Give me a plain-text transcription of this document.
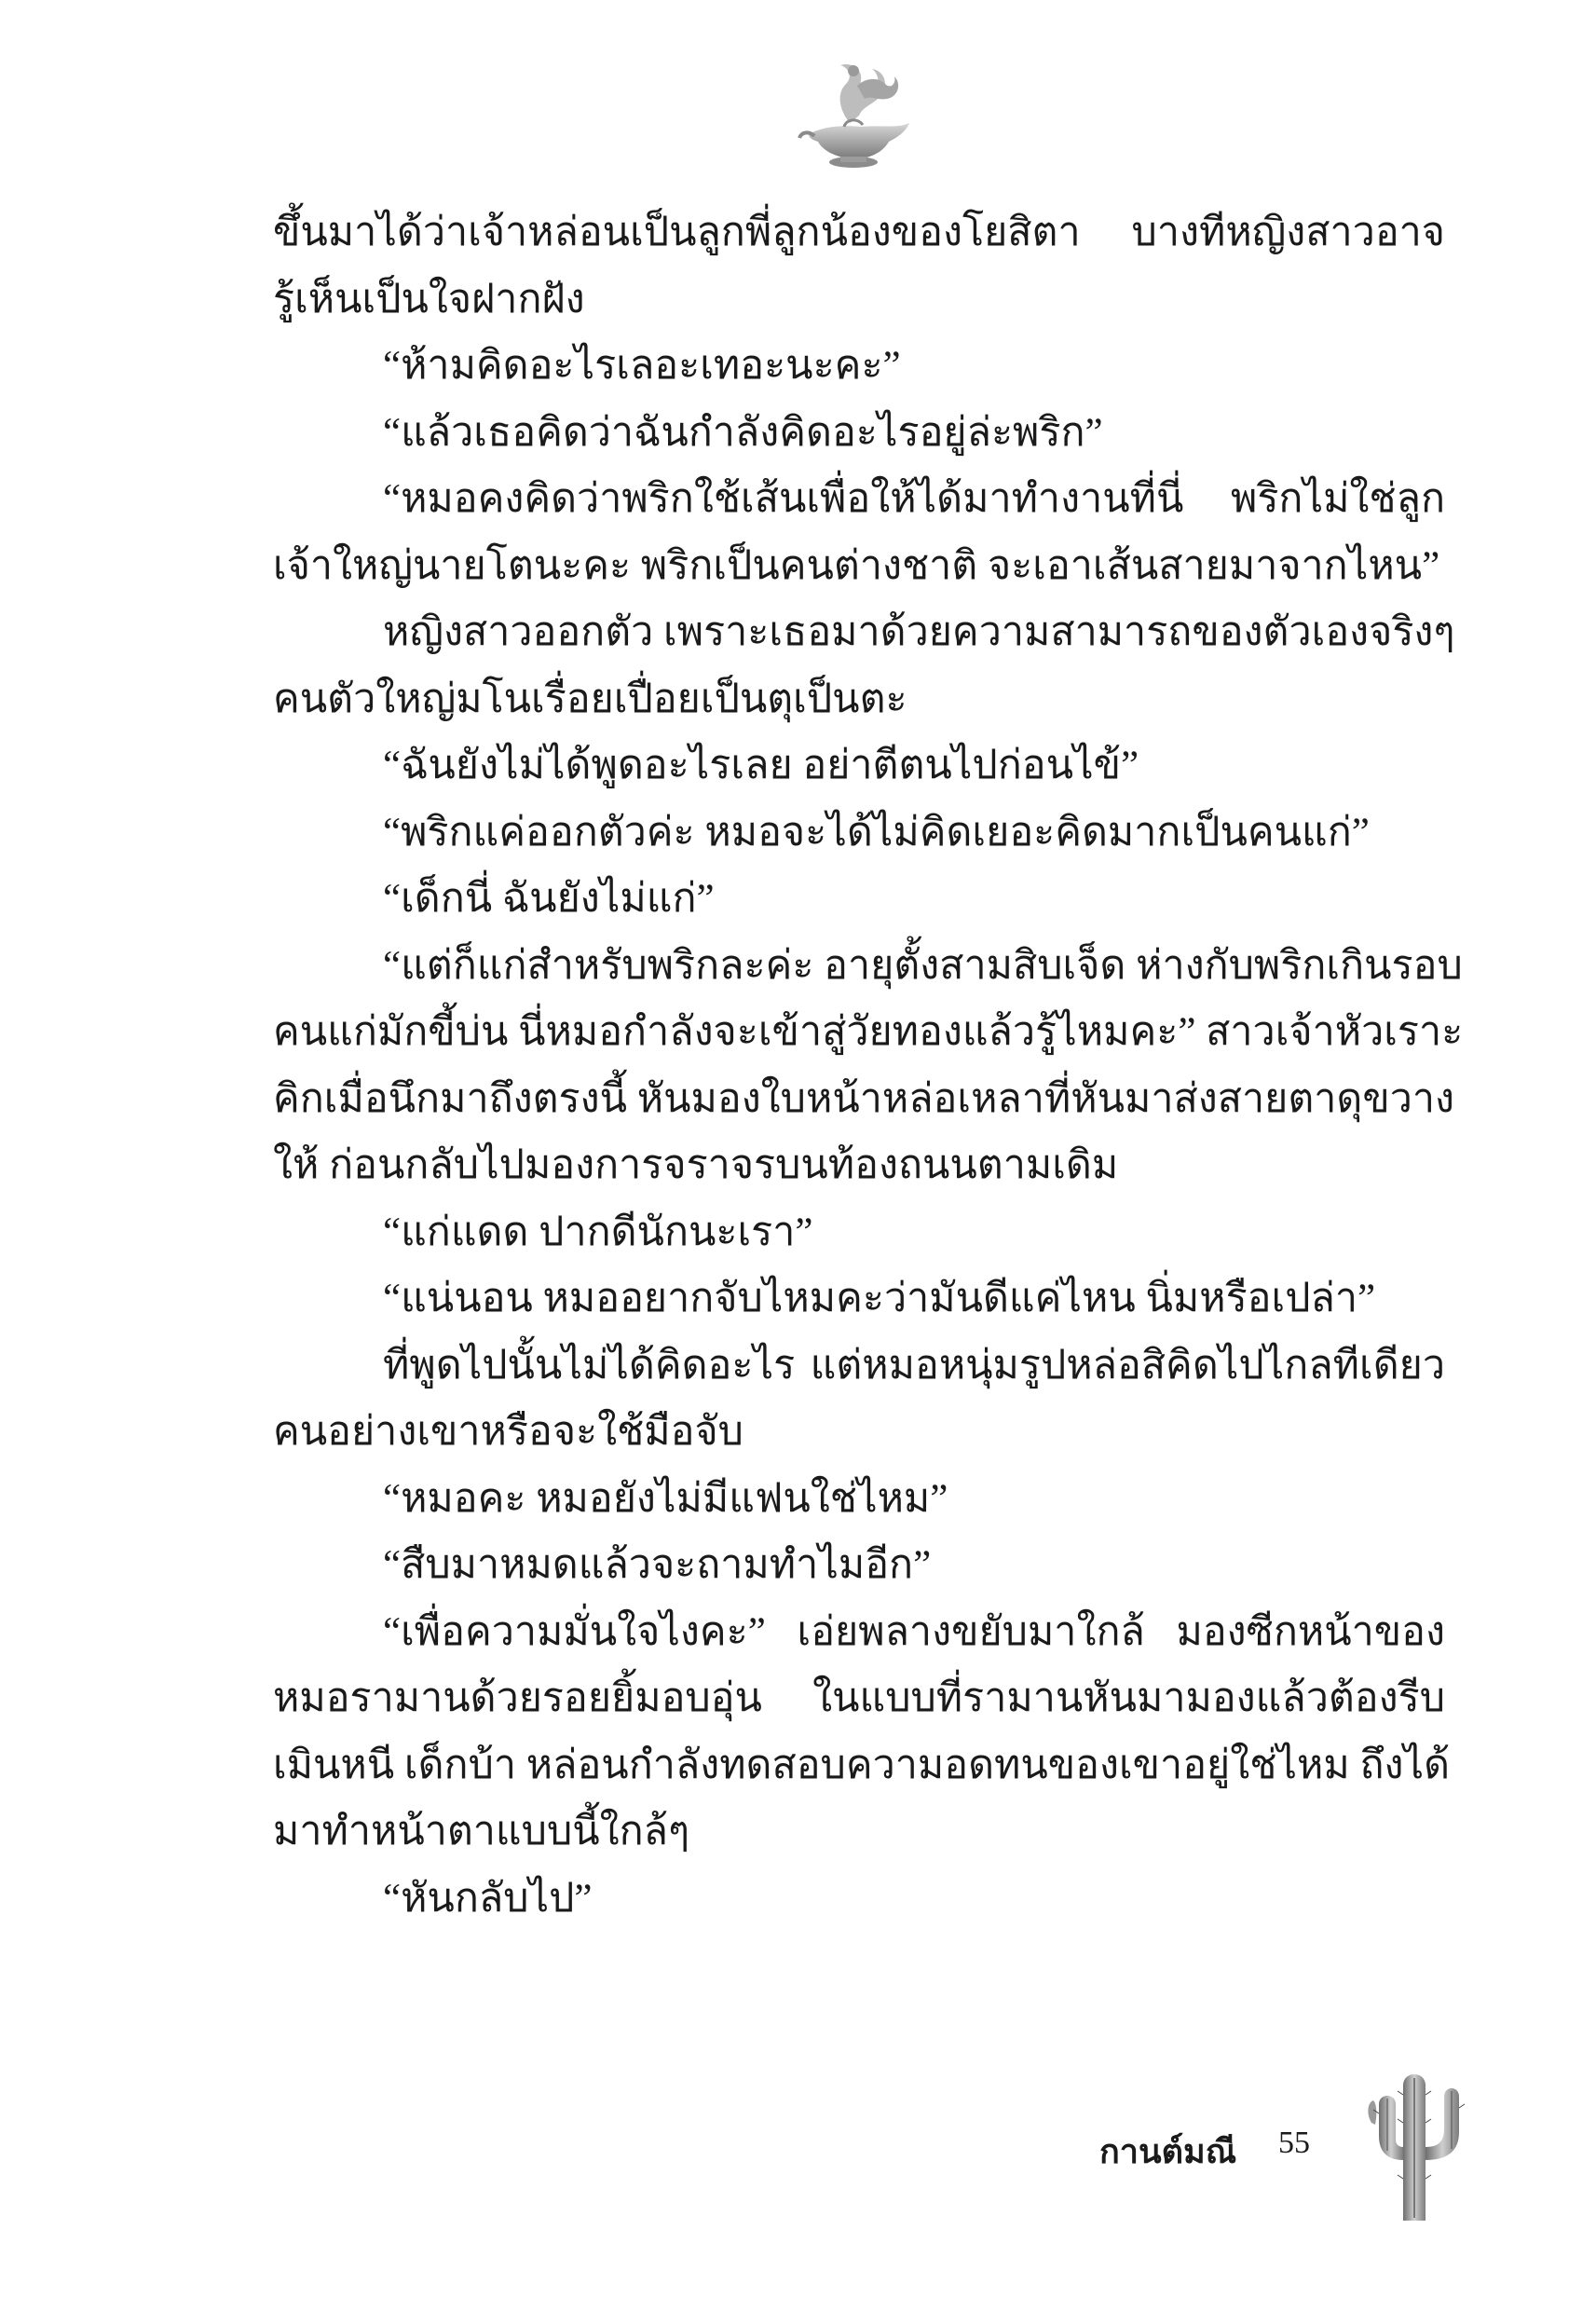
ขึ้นมาได้ว่าเจ้าหล่อนเป็นลูกพี่ลูกน้องของโยสิตา บางทีหญิงสาวอาจ
รู้เห็นเป็นใจฝากฝัง
“ห้ามคิดอะไรเลอะเทอะนะคะ”
“แล้วเธอคิดว่าฉันกำลังคิดอะไรอยู่ล่ะพริก”
“หมอคงคิดว่าพริกใช้เส้นเพื่อให้ได้มาทำงานที่นี่ พริกไม่ใช่ลูก
เจ้าใหญ่นายโตนะคะ พริกเป็นคนต่างชาติ จะเอาเส้นสายมาจากไหน”
หญิงสาวออกตัว เพราะเธอมาด้วยความสามารถของตัวเองจริงๆ
คนตัวใหญ่มโนเรื่อยเปื่อยเป็นตุเป็นตะ
“ฉันยังไม่ได้พูดอะไรเลย อย่าตีตนไปก่อนไข้”
“พริกแค่ออกตัวค่ะ หมอจะได้ไม่คิดเยอะคิดมากเป็นคนแก่”
“เด็กนี่ ฉันยังไม่แก่”
“แต่ก็แก่สำหรับพริกละค่ะ อายุตั้งสามสิบเจ็ด ห่างกับพริกเกินรอบ
คนแก่มักขี้บ่น นี่หมอกำลังจะเข้าสู่วัยทองแล้วรู้ไหมคะ” สาวเจ้าหัวเราะ
คิกเมื่อนึกมาถึงตรงนี้ หันมองใบหน้าหล่อเหลาที่หันมาส่งสายตาดุขวาง
ให้ ก่อนกลับไปมองการจราจรบนท้องถนนตามเดิม
“แก่แดด ปากดีนักนะเรา”
“แน่นอน หมออยากจับไหมคะว่ามันดีแค่ไหน นิ่มหรือเปล่า”
ที่พูดไปนั้นไม่ได้คิดอะไร แต่หมอหนุ่มรูปหล่อสิคิดไปไกลทีเดียว
คนอย่างเขาหรือจะใช้มือจับ
“หมอคะ หมอยังไม่มีแฟนใช่ไหม”
“สืบมาหมดแล้วจะถามทำไมอีก”
“เพื่อความมั่นใจไงคะ” เอ่ยพลางขยับมาใกล้ มองซีกหน้าของ
หมอรามานด้วยรอยยิ้มอบอุ่น ในแบบที่รามานหันมามองแล้วต้องรีบ
เมินหนี เด็กบ้า หล่อนกำลังทดสอบความอดทนของเขาอยู่ใช่ไหม ถึงได้
มาทำหน้าตาแบบนี้ใกล้ๆ
“หันกลับไป”
กานต์มณี 55
